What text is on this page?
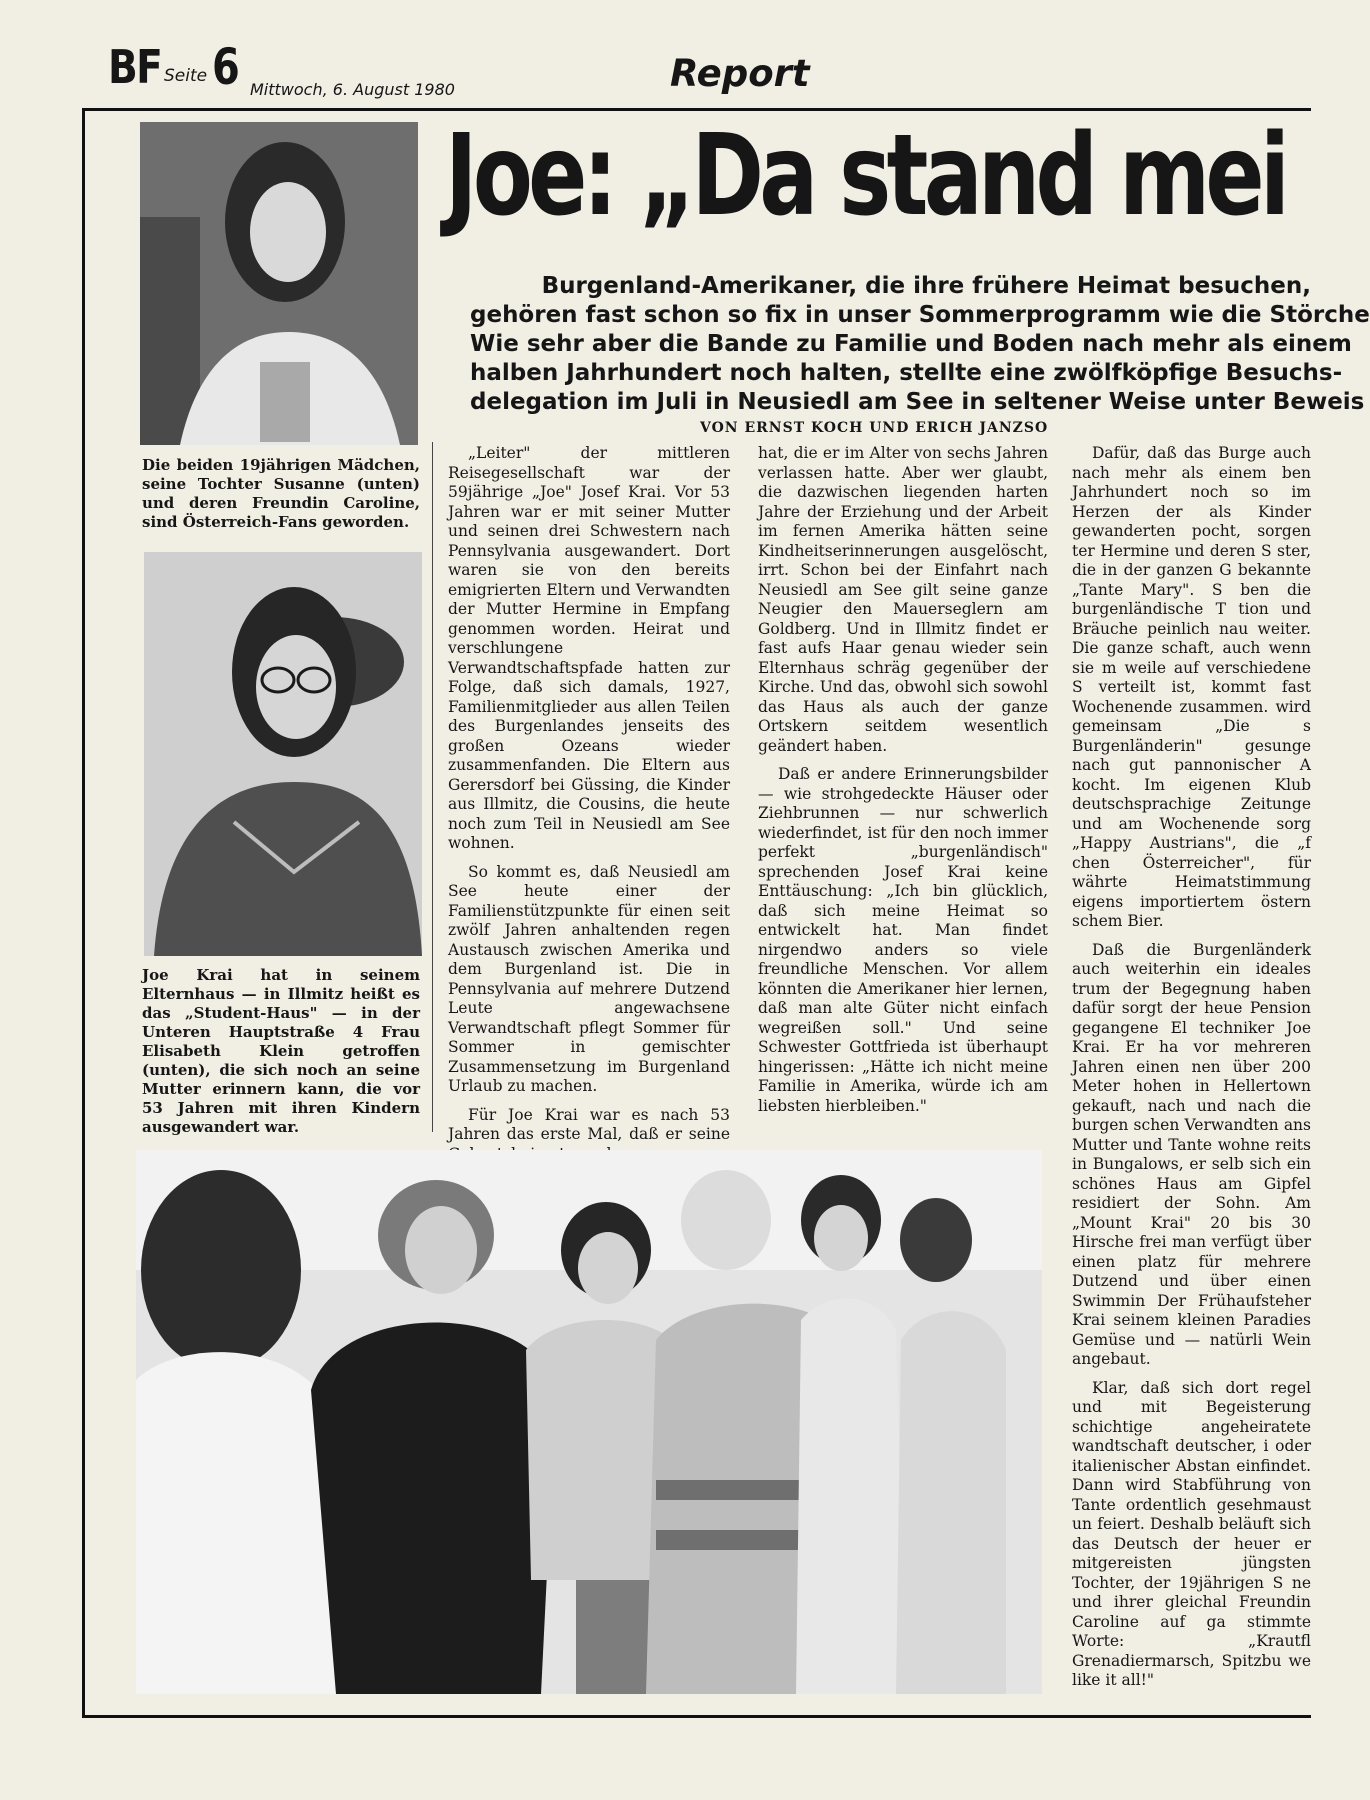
BF Seite 6 Mittwoch, 6. August 1980	Report
Joe: „Da stand mei
Burgenland-Amerikaner, die ihre frühere Heimat besuchen,
gehören fast schon so fix in unser Sommerprogramm wie die Störche
Wie sehr aber die Bande zu Familie und Boden nach mehr als einem
halben Jahrhundert noch halten, stellte eine zwölfköpfige Besuchs-
delegation im Juli in Neusiedl am See in seltener Weise unter Beweis
VON ERNST KOCH UND ERICH JANZSO
Die beiden 19jährigen Mädchen, seine Tochter Susanne (unten) und deren Freundin Caroline, sind Österreich-Fans geworden.
Joe Krai hat in seinem Elternhaus — in Illmitz heißt es das „Student-Haus" — in der Unteren Hauptstraße 4 Frau Elisabeth Klein getroffen (unten), die sich noch an seine Mutter erinnern kann, die vor 53 Jahren mit ihren Kindern ausgewandert war.

„Leiter" der mittleren Reisegesellschaft war der 59jährige „Joe" Josef Krai. Vor 53 Jahren war er mit seiner Mutter und seinen drei Schwestern nach Pennsylvania ausgewandert. Dort waren sie von den bereits emigrierten Eltern und Verwandten der Mutter Hermine in Empfang genommen worden. Heirat und verschlungene Verwandtschaftspfade hatten zur Folge, daß sich damals, 1927, Familienmitglieder aus allen Teilen des Burgenlandes jenseits des großen Ozeans wieder zusammenfanden. Die Eltern aus Gerersdorf bei Güssing, die Kinder aus Illmitz, die Cousins, die heute noch zum Teil in Neusiedl am See wohnen.

So kommt es, daß Neusiedl am See heute einer der Familienstützpunkte für einen seit zwölf Jahren anhaltenden regen Austausch zwischen Amerika und dem Burgenland ist. Die in Pennsylvania auf mehrere Dutzend Leute angewachsene Verwandtschaft pflegt Sommer für Sommer in gemischter Zusammensetzung im Burgenland Urlaub zu machen.

Für Joe Krai war es nach 53 Jahren das erste Mal, daß er seine

hat, die er im Alter von sechs Jahren verlassen hatte. Aber wer glaubt, die dazwischen liegenden harten Jahre der Erziehung und der Arbeit im fernen Amerika hätten seine Kindheitserinnerungen ausgelöscht, irrt. Schon bei der Einfahrt nach Neusiedl am See gilt seine ganze Neugier den Mauerseglern am Goldberg. Und in Illmitz findet er fast aufs Haar genau wieder sein Elternhaus schräg gegenüber der Kirche. Und das, obwohl sich sowohl das Haus als auch der ganze Ortskern seitdem wesentlich geändert haben.

Daß er andere Erinnerungsbilder — wie strohgedeckte Häuser oder Ziehbrunnen — nur schwerlich wiederfindet, ist für den noch immer perfekt „burgenländisch" sprechenden Josef Krai keine Enttäuschung: „Ich bin glücklich, daß sich meine Heimat so entwickelt hat. Man findet nirgendwo anders so viele freundliche Menschen. Vor allem könnten die Amerikaner hier lernen, daß man alte Güter nicht einfach wegreißen soll." Und seine Schwester Gottfrieda ist überhaupt hingerissen: „Hätte ich nicht meine Familie in Amerika, würde ich am liebsten hierbleiben."

Dafür, daß das Burge auch nach mehr als einem ben Jahrhundert noch so im Herzen der als Kinder gewanderten pocht, sorgen ter Hermine und deren S ster, die in der ganzen G bekannte „Tante Mary". S ben die burgenländische T tion und Bräuche peinlich nau weiter. Die ganze schaft, auch wenn sie m weile auf verschiedene S verteilt ist, kommt fast Wochenende zusammen. wird gemeinsam „Die s Burgenländerin" gesunge nach gut pannonischer A kocht. Im eigenen Klub deutschsprachige Zeitunge und am Wochenende sorg „Happy Austrians", die „f chen Österreicher", für währte Heimatstimmung eigens importiertem östern schem Bier.

Daß die Burgenländerk auch weiterhin ein ideales trum der Begegnung haben dafür sorgt der heue Pension gegangene El techniker Joe Krai. Er ha vor mehreren Jahren einen nen über 200 Meter hohen in Hellertown gekauft, nach und nach die burgen schen Verwandten ans Mutter und Tante wohne reits in Bungalows, er selb sich ein schönes Haus am Gipfel residiert der Sohn. Am „Mount Krai" 20 bis 30 Hirsche frei man verfügt über einen platz für mehrere Dutzend und über einen Swimmin Der Frühaufsteher Krai seinem kleinen Paradies Gemüse und — natürli Wein angebaut.

Klar, daß sich dort regel und mit Begeisterung schichtige angeheiratete wandtschaft deutscher, i oder italienischer Abstan einfindet. Dann wird Stabführung von Tante ordentlich gesehmaust un feiert. Deshalb beläuft sich das Deutsch der heuer er mitgereisten jüngsten Tochter, der 19jährigen S ne und ihrer gleichal Freundin Caroline auf ga stimmte Worte: „Krautfl Grenadiermarsch, Spitzbu we like it all!"
